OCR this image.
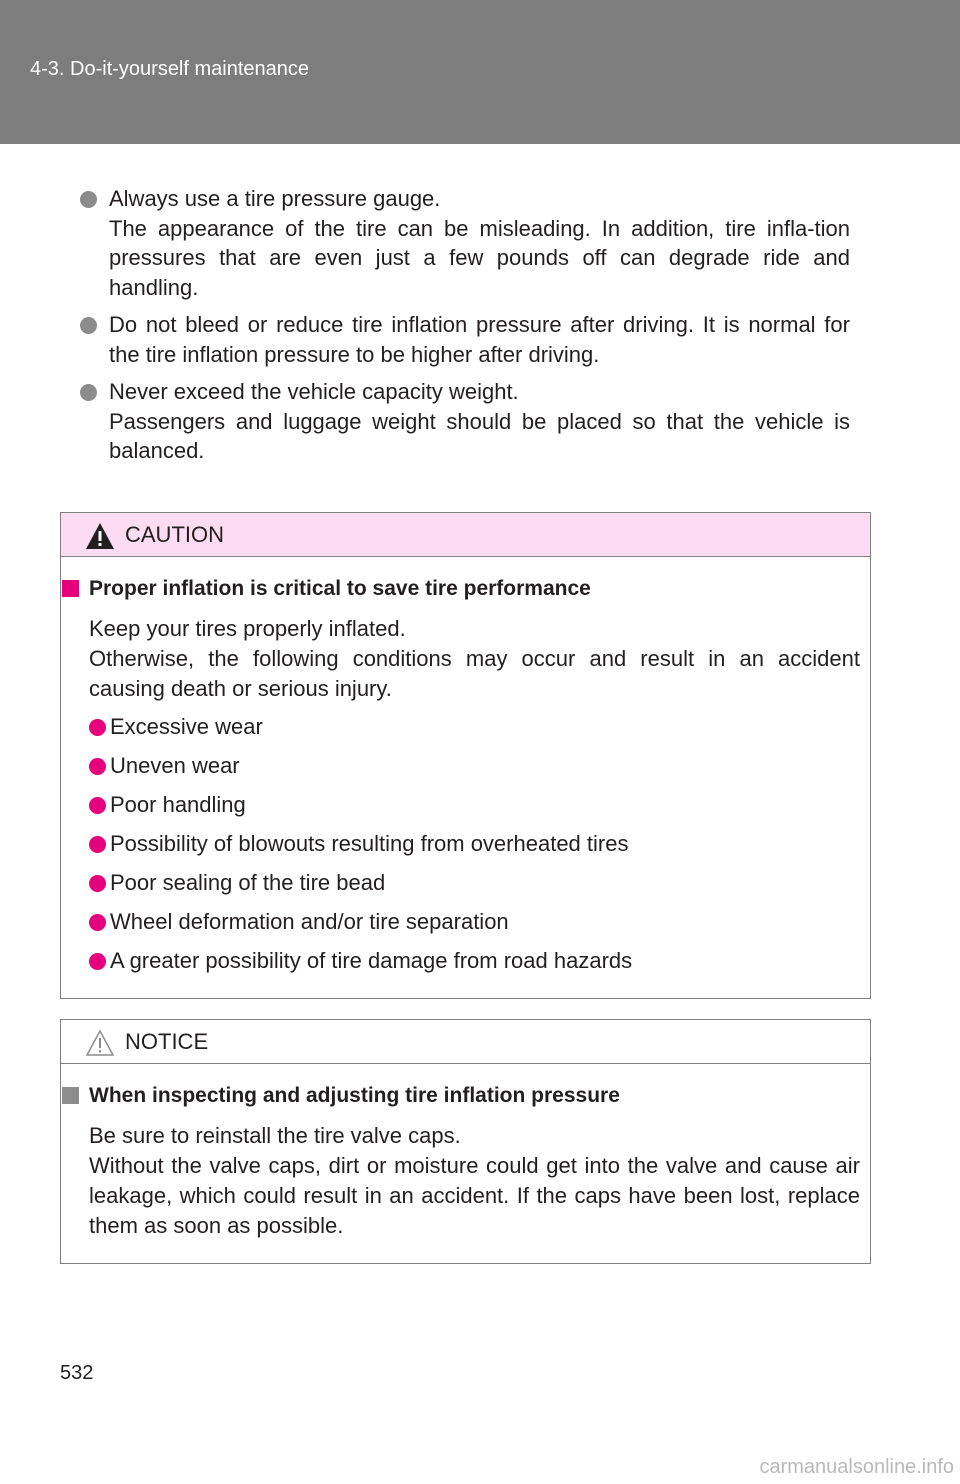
4-3. Do-it-yourself maintenance

Always use a tire pressure gauge.

The appearance of the tire can be misleading. In addition, tire infla-tion pressures that are even just a few pounds off can degrade ride and handling.

Do not bleed or reduce tire inflation pressure after driving. It is normal for the tire inflation pressure to be higher after driving.

Never exceed the vehicle capacity weight.

Passengers and luggage weight should be placed so that the vehicle is balanced.

CAUTION
Proper inflation is critical to save tire performance

Keep your tires properly inflated.

Otherwise, the following conditions may occur and result in an accident causing death or serious injury.

Excessive wear
Uneven wear
Poor handling
Possibility of blowouts resulting from overheated tires
Poor sealing of the tire bead
Wheel deformation and/or tire separation
A greater possibility of tire damage from road hazards
NOTICE
When inspecting and adjusting tire inflation pressure

Be sure to reinstall the tire valve caps.

Without the valve caps, dirt or moisture could get into the valve and cause air leakage, which could result in an accident. If the caps have been lost, replace them as soon as possible.

532
carmanualsonline.info
